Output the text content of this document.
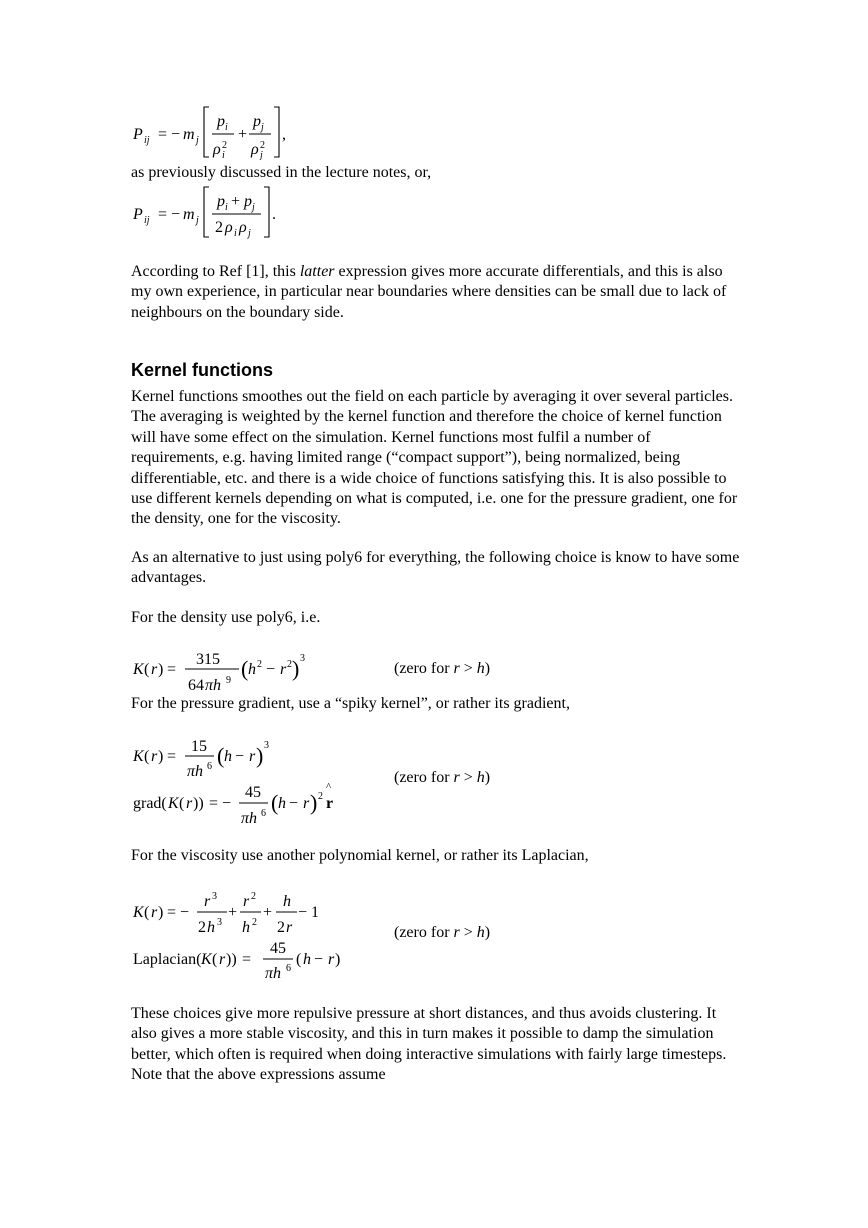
P ij = − m j
p i
ρ 2
i
+
p j
ρ 2
j
,
as previously discussed in the lecture notes, or,
P ij = − m j
p i + p j
2 ρ i ρ j
.
According to Ref [1], this latter expression gives more accurate differentials, and this is also my own experience, in particular near boundaries where densities can be small due to lack of neighbours on the boundary side.
Kernel functions
Kernel functions smoothes out the field on each particle by averaging it over several particles. The averaging is weighted by the kernel function and therefore the choice of kernel function will have some effect on the simulation. Kernel functions most fulfil a number of requirements, e.g. having limited range (“compact support”), being normalized, being differentiable, etc. and there is a wide choice of functions satisfying this. It is also possible to use different kernels depending on what is computed, i.e. one for the pressure gradient, one for the density, one for the viscosity.
As an alternative to just using poly6 for everything, the following choice is know to have some advantages.
For the density use poly6, i.e.
K ( r ) =
315
64 πh 9 ( h 2 − r 2 ) 3
(zero for r > h)
For the pressure gradient, use a “spiky kernel”, or rather its gradient,
K ( r ) =
15
πh 6 ( h − r ) 3
grad( K ( r )) = −
45
πh 6 ( h − r ) 2
^
r
(zero for r > h)
For the viscosity use another polynomial kernel, or rather its Laplacian,
K ( r ) = −
r 3
2 h 3
+
r 2
h 2
+
h
2 r
− 1
Laplacian( K ( r )) =
45
πh 6
( h − r )
(zero for r > h)
These choices give more repulsive pressure at short distances, and thus avoids clustering. It also gives a more stable viscosity, and this in turn makes it possible to damp the simulation better, which often is required when doing interactive simulations with fairly large timesteps. Note that the above expressions assume
